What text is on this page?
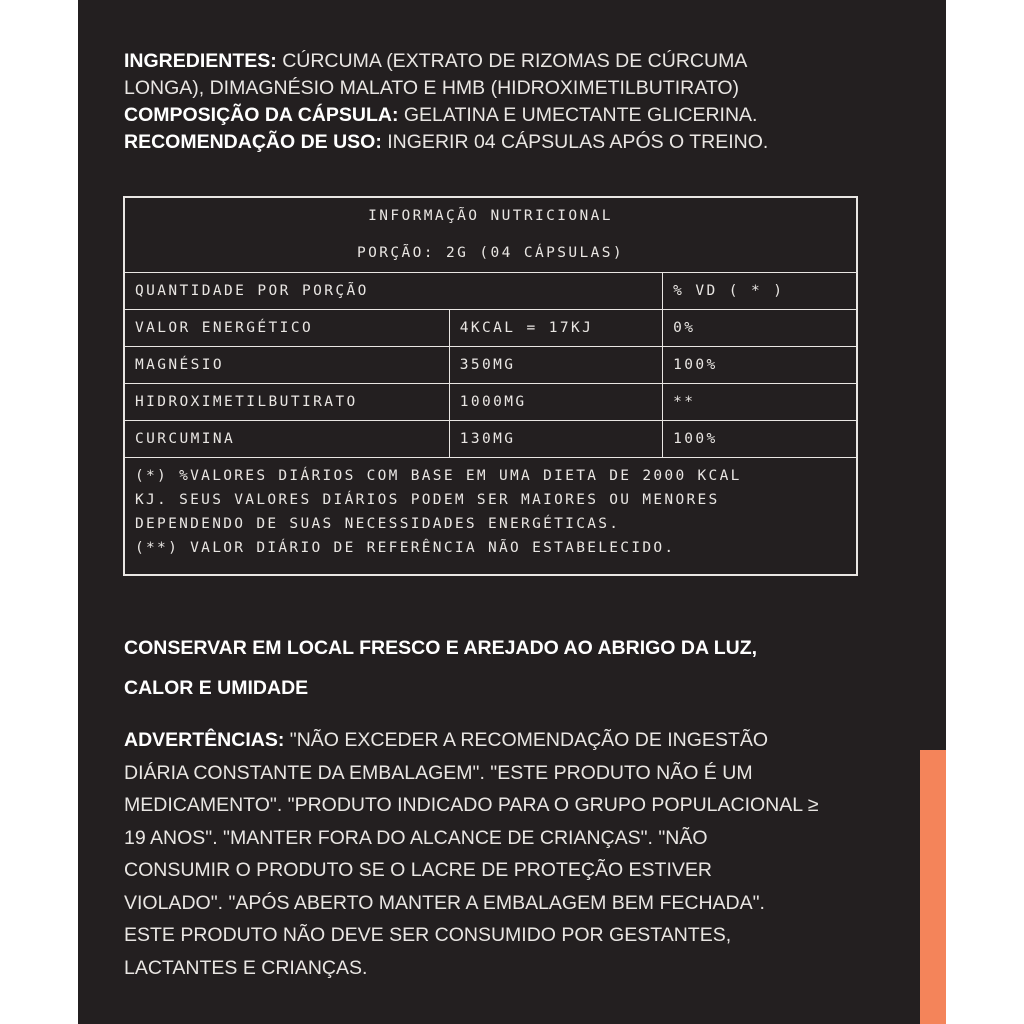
INGREDIENTES: CÚRCUMA (EXTRATO DE RIZOMAS DE CÚRCUMA

LONGA), DIMAGNÉSIO MALATO E HMB (HIDROXIMETILBUTIRATO)

COMPOSIÇÃO DA CÁPSULA: GELATINA E UMECTANTE GLICERINA.

RECOMENDAÇÃO DE USO: INGERIR 04 CÁPSULAS APÓS O TREINO.

INFORMAÇÃO NUTRICIONAL		
PORÇÃO: 2G (04 CÁPSULAS)		
QUANTIDADE POR PORÇÃO		% VD ( * )
VALOR ENERGÉTICO	4KCAL = 17KJ	0%
MAGNÉSIO	350MG	100%
HIDROXIMETILBUTIRATO	1000MG	**
CURCUMINA	130MG	100%

(*) %VALORES DIÁRIOS COM BASE EM UMA DIETA DE 2000 KCAL
KJ. SEUS VALORES DIÁRIOS PODEM SER MAIORES OU MENORES
DEPENDENDO DE SUAS NECESSIDADES ENERGÉTICAS.
(**) VALOR DIÁRIO DE REFERÊNCIA NÃO ESTABELECIDO.		
CONSERVAR EM LOCAL FRESCO E AREJADO AO ABRIGO DA LUZ,
CALOR E UMIDADE
ADVERTÊNCIAS: "NÃO EXCEDER A RECOMENDAÇÃO DE INGESTÃO
DIÁRIA CONSTANTE DA EMBALAGEM". "ESTE PRODUTO NÃO É UM
MEDICAMENTO". "PRODUTO INDICADO PARA O GRUPO POPULACIONAL ≥
19 ANOS". "MANTER FORA DO ALCANCE DE CRIANÇAS". "NÃO
CONSUMIR O PRODUTO SE O LACRE DE PROTEÇÃO ESTIVER
VIOLADO". "APÓS ABERTO MANTER A EMBALAGEM BEM FECHADA".
ESTE PRODUTO NÃO DEVE SER CONSUMIDO POR GESTANTES,
LACTANTES E CRIANÇAS.
